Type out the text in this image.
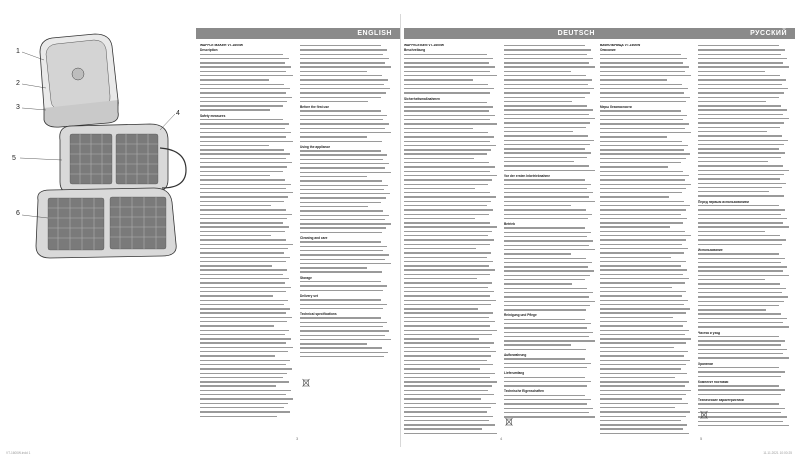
1
2
3
4
5
6
ENGLISH	DEUTSCH	РУССКИЙ
WAFFLE MAKER VT-1600W
Description
Safety measures
Before the first use
Using the appliance
Cleaning and care
Storage
Delivery set
Technical specifications
WAFFELEISEN VT-1600W
Beschreibung
Sicherheitsmaßnahmen
Vor der ersten Inbetriebnahme
Betrieb
Reinigung und Pflege
Aufbewahrung
Lieferumfang
Technische Eigenschaften
ВАФЕЛЬНИЦА VT-1600W
Описание
Меры безопасности
Перед первым использованием
Использование
Чистка и уход
Хранение
Комплект поставки
Технические характеристики
3	4	5
VT-1600W.indd 1	11.11.2021 10:00:25
